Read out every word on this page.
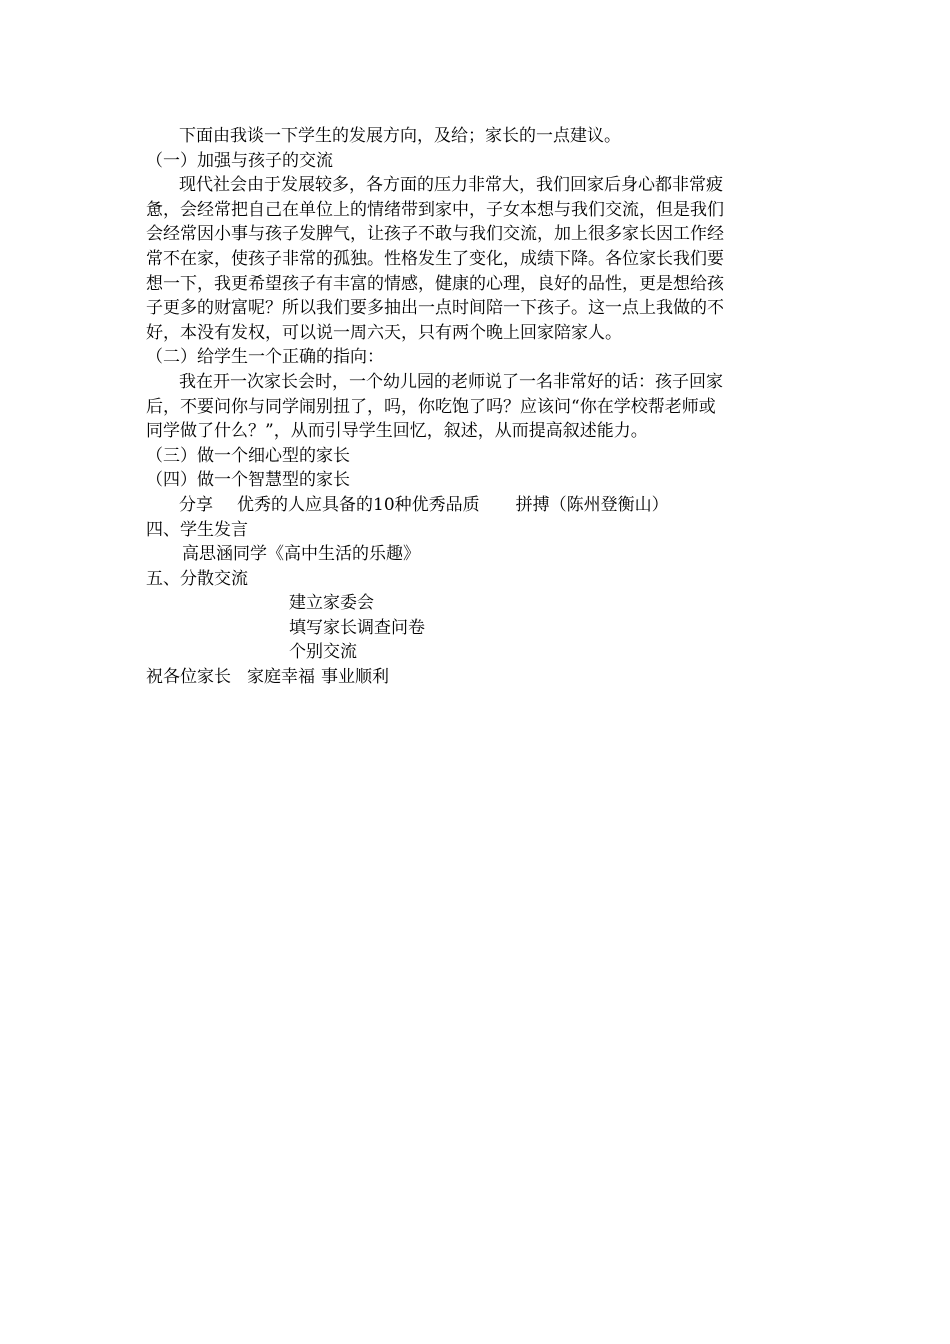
下面由我谈一下学生的发展方向，及给；家长的一点建议。
（一）加强与孩子的交流
现代社会由于发展较多，各方面的压力非常大，我们回家后身心都非常疲
惫，会经常把自己在单位上的情绪带到家中，子女本想与我们交流，但是我们
会经常因小事与孩子发脾气，让孩子不敢与我们交流，加上很多家长因工作经
常不在家，使孩子非常的孤独。性格发生了变化，成绩下降。各位家长我们要
想一下，我更希望孩子有丰富的情感，健康的心理，良好的品性，更是想给孩
子更多的财富呢？所以我们要多抽出一点时间陪一下孩子。这一点上我做的不
好，本没有发权，可以说一周六天，只有两个晚上回家陪家人。
（二）给学生一个正确的指向：
我在开一次家长会时，一个幼儿园的老师说了一名非常好的话：孩子回家
后，不要问你与同学闹别扭了，吗，你吃饱了吗？应该问“你在学校帮老师或
同学做了什么？”，从而引导学生回忆，叙述，从而提高叙述能力。
（三）做一个细心型的家长
（四）做一个智慧型的家长
分享 优秀的人应具备的10种优秀品质 拼搏（陈州登衡山）
四、学生发言
高思涵同学《高中生活的乐趣》
五、分散交流
建立家委会
填写家长调查问卷
个别交流
祝各位家长 家庭幸福 事业顺利
